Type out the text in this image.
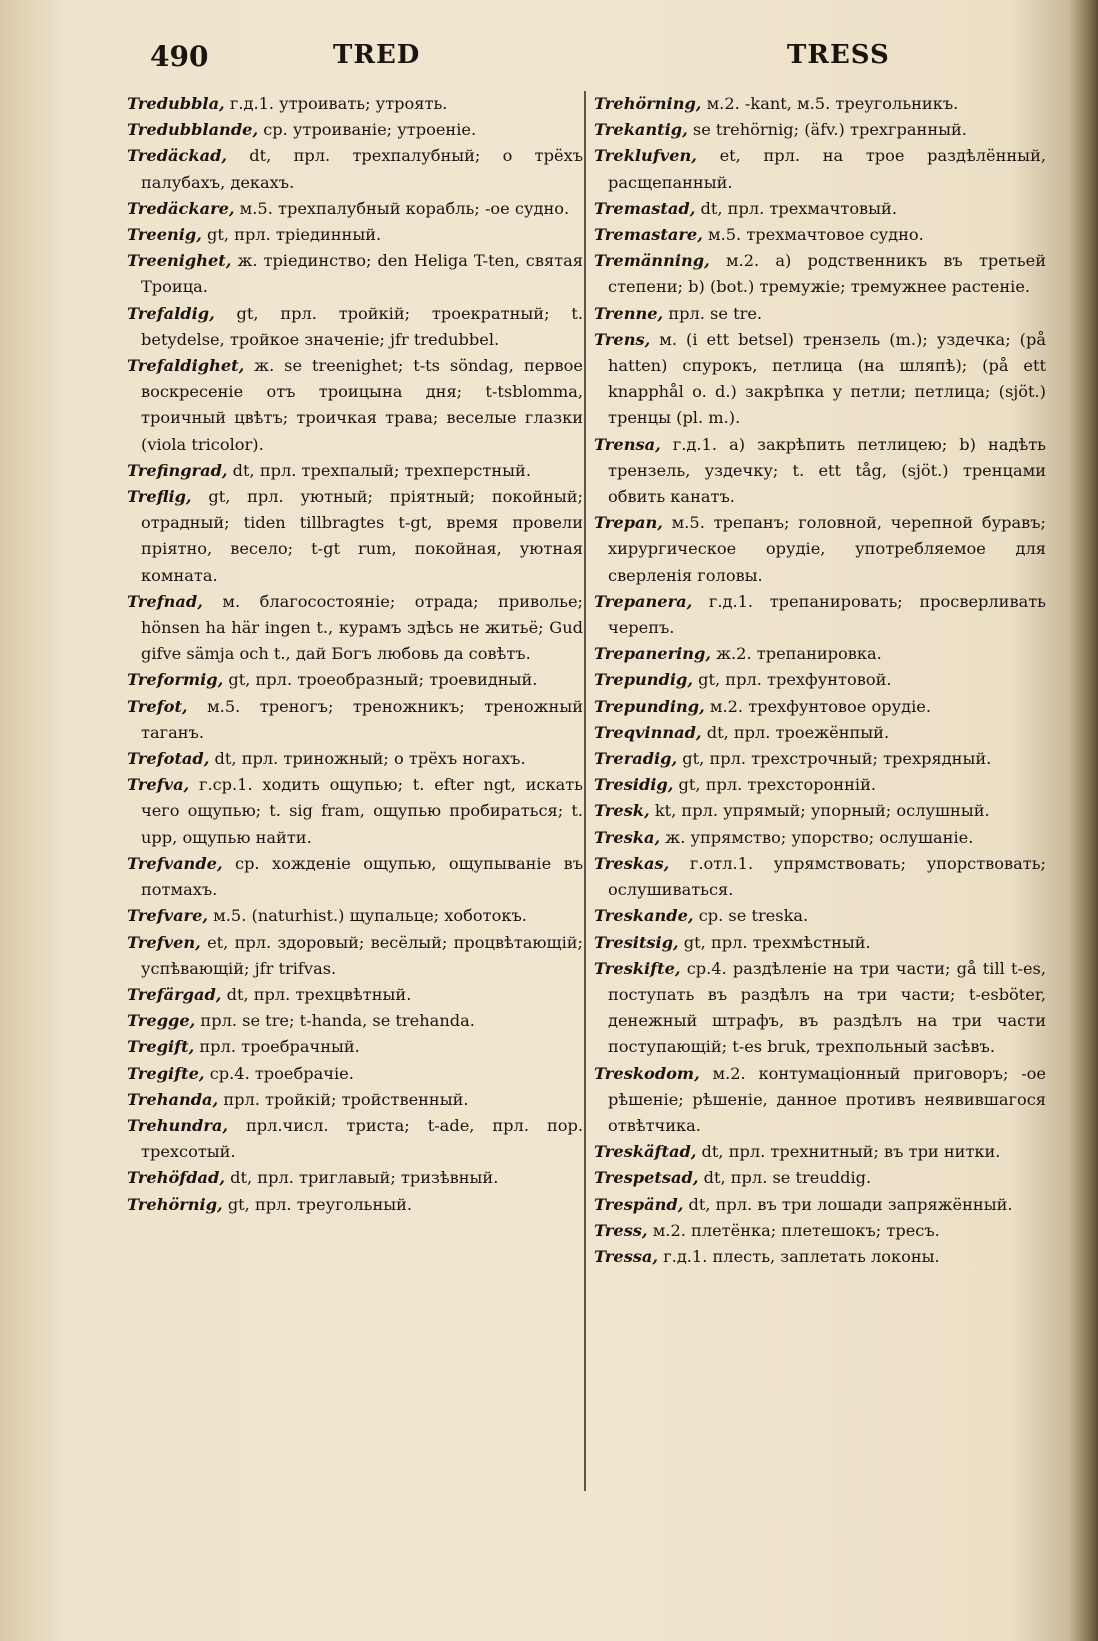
490	TRED	TRESS

Tredubbla, г.д.1. утроивать; утроять.

Tredubblande, ср. утроиваніе; утроеніе.

Tredäckad, dt, прл. трехпалубный; о трёхъ палубахъ, декахъ.

Tredäckare, м.5. трехпалубный корабль; -ое судно.

Treenig, gt, прл. тріединный.

Treenighet, ж. тріединство; den Heliga T-ten, святая Троица.

Trefaldig, gt, прл. тройкій; троекратный; t. betydelse, тройкое значеніе; jfr tredubbel.

Trefaldighet, ж. se treenighet; t-ts söndag, первое воскресеніе отъ троицына дня; t-tsblomma, троичный цвѣтъ; троичкая трава; веселые глазки (viola tricolor).

Trefingrad, dt, прл. трехпалый; трехперстный.

Treflig, gt, прл. уютный; пріятный; покойный; отрадный; tiden tillbragtes t-gt, время провели пріятно, весело; t-gt rum, покойная, уютная комната.

Trefnad, м. благосостояніе; отрада; приволье; hönsen ha här ingen t., курамъ здѣсь не житьё; Gud gifve sämja och t., дай Богъ любовь да совѣтъ.

Treformig, gt, прл. троеобразный; троевидный.

Trefot, м.5. треногъ; треножникъ; треножный таганъ.

Trefotad, dt, прл. триножный; о трёхъ ногахъ.

Trefva, г.ср.1. ходить ощупью; t. efter ngt, искать чего ощупью; t. sig fram, ощупью пробираться; t. upp, ощупью найти.

Trefvande, ср. хожденіе ощупью, ощупываніе въ потмахъ.

Trefvare, м.5. (naturhist.) щупальце; хоботокъ.

Trefven, et, прл. здоровый; весёлый; процвѣтающій; успѣвающій; jfr trifvas.

Trefärgad, dt, прл. трехцвѣтный.

Tregge, прл. se tre; t-handa, se trehanda.

Tregift, прл. троебрачный.

Tregifte, ср.4. троебрачіе.

Trehanda, прл. тройкій; тройственный.

Trehundra, прл.числ. триста; t-ade, прл. пор. трехсотый.

Trehöfdad, dt, прл. триглавый; тризѣвный.

Trehörnig, gt, прл. треугольный.

Trehörning, м.2. -kant, м.5. треугольникъ.

Trekantig, se trehörnig; (äfv.) трехгранный.

Treklufven, et, прл. на трое раздѣлённый, расщепанный.

Tremastad, dt, прл. трехмачтовый.

Tremastare, м.5. трехмачтовое судно.

Tremänning, м.2. a) родственникъ въ третьей степени; b) (bot.) тремужіе; тремужнее растеніе.

Trenne, прл. se tre.

Trens, м. (i ett betsel) трензель (m.); уздечка; (på hatten) спурокъ, петлица (на шляпѣ); (på ett knapphål o. d.) закрѣпка у петли; петлица; (sjöt.) тренцы (pl. m.).

Trensa, г.д.1. a) закрѣпить петлицею; b) надѣть трензель, уздечку; t. ett tåg, (sjöt.) тренцами обвить канатъ.

Trepan, м.5. трепанъ; головной, черепной буравъ; хирургическое орудіе, употребляемое для сверленія головы.

Trepanera, г.д.1. трепанировать; просверливать черепъ.

Trepanering, ж.2. трепанировка.

Trepundig, gt, прл. трехфунтовой.

Trepunding, м.2. трехфунтовое орудіе.

Treqvinnad, dt, прл. троежёнпый.

Treradig, gt, прл. трехстрочный; трехрядный.

Tresidig, gt, прл. трехсторонній.

Tresk, kt, прл. упрямый; упорный; ослушный.

Treska, ж. упрямство; упорство; ослушаніе.

Treskas, г.отл.1. упрямствовать; упорствовать; ослушиваться.

Treskande, ср. se treska.

Tresitsig, gt, прл. трехмѣстный.

Treskifte, ср.4. раздѣленіе на три части; gå till t-es, поступать въ раздѣлъ на три части; t-esböter, денежный штрафъ, въ раздѣлъ на три части поступающій; t-es bruk, трехпольный засѣвъ.

Treskodom, м.2. контумаціонный приговоръ; -ое рѣшеніе; рѣшеніе, данное противъ неявившагося отвѣтчика.

Treskäftad, dt, прл. трехнитный; въ три нитки.

Trespetsad, dt, прл. se treuddig.

Trespänd, dt, прл. въ три лошади запряжённый.

Tress, м.2. плетёнка; плетешокъ; тресъ.

Tressa, г.д.1. плесть, заплетать локоны.
